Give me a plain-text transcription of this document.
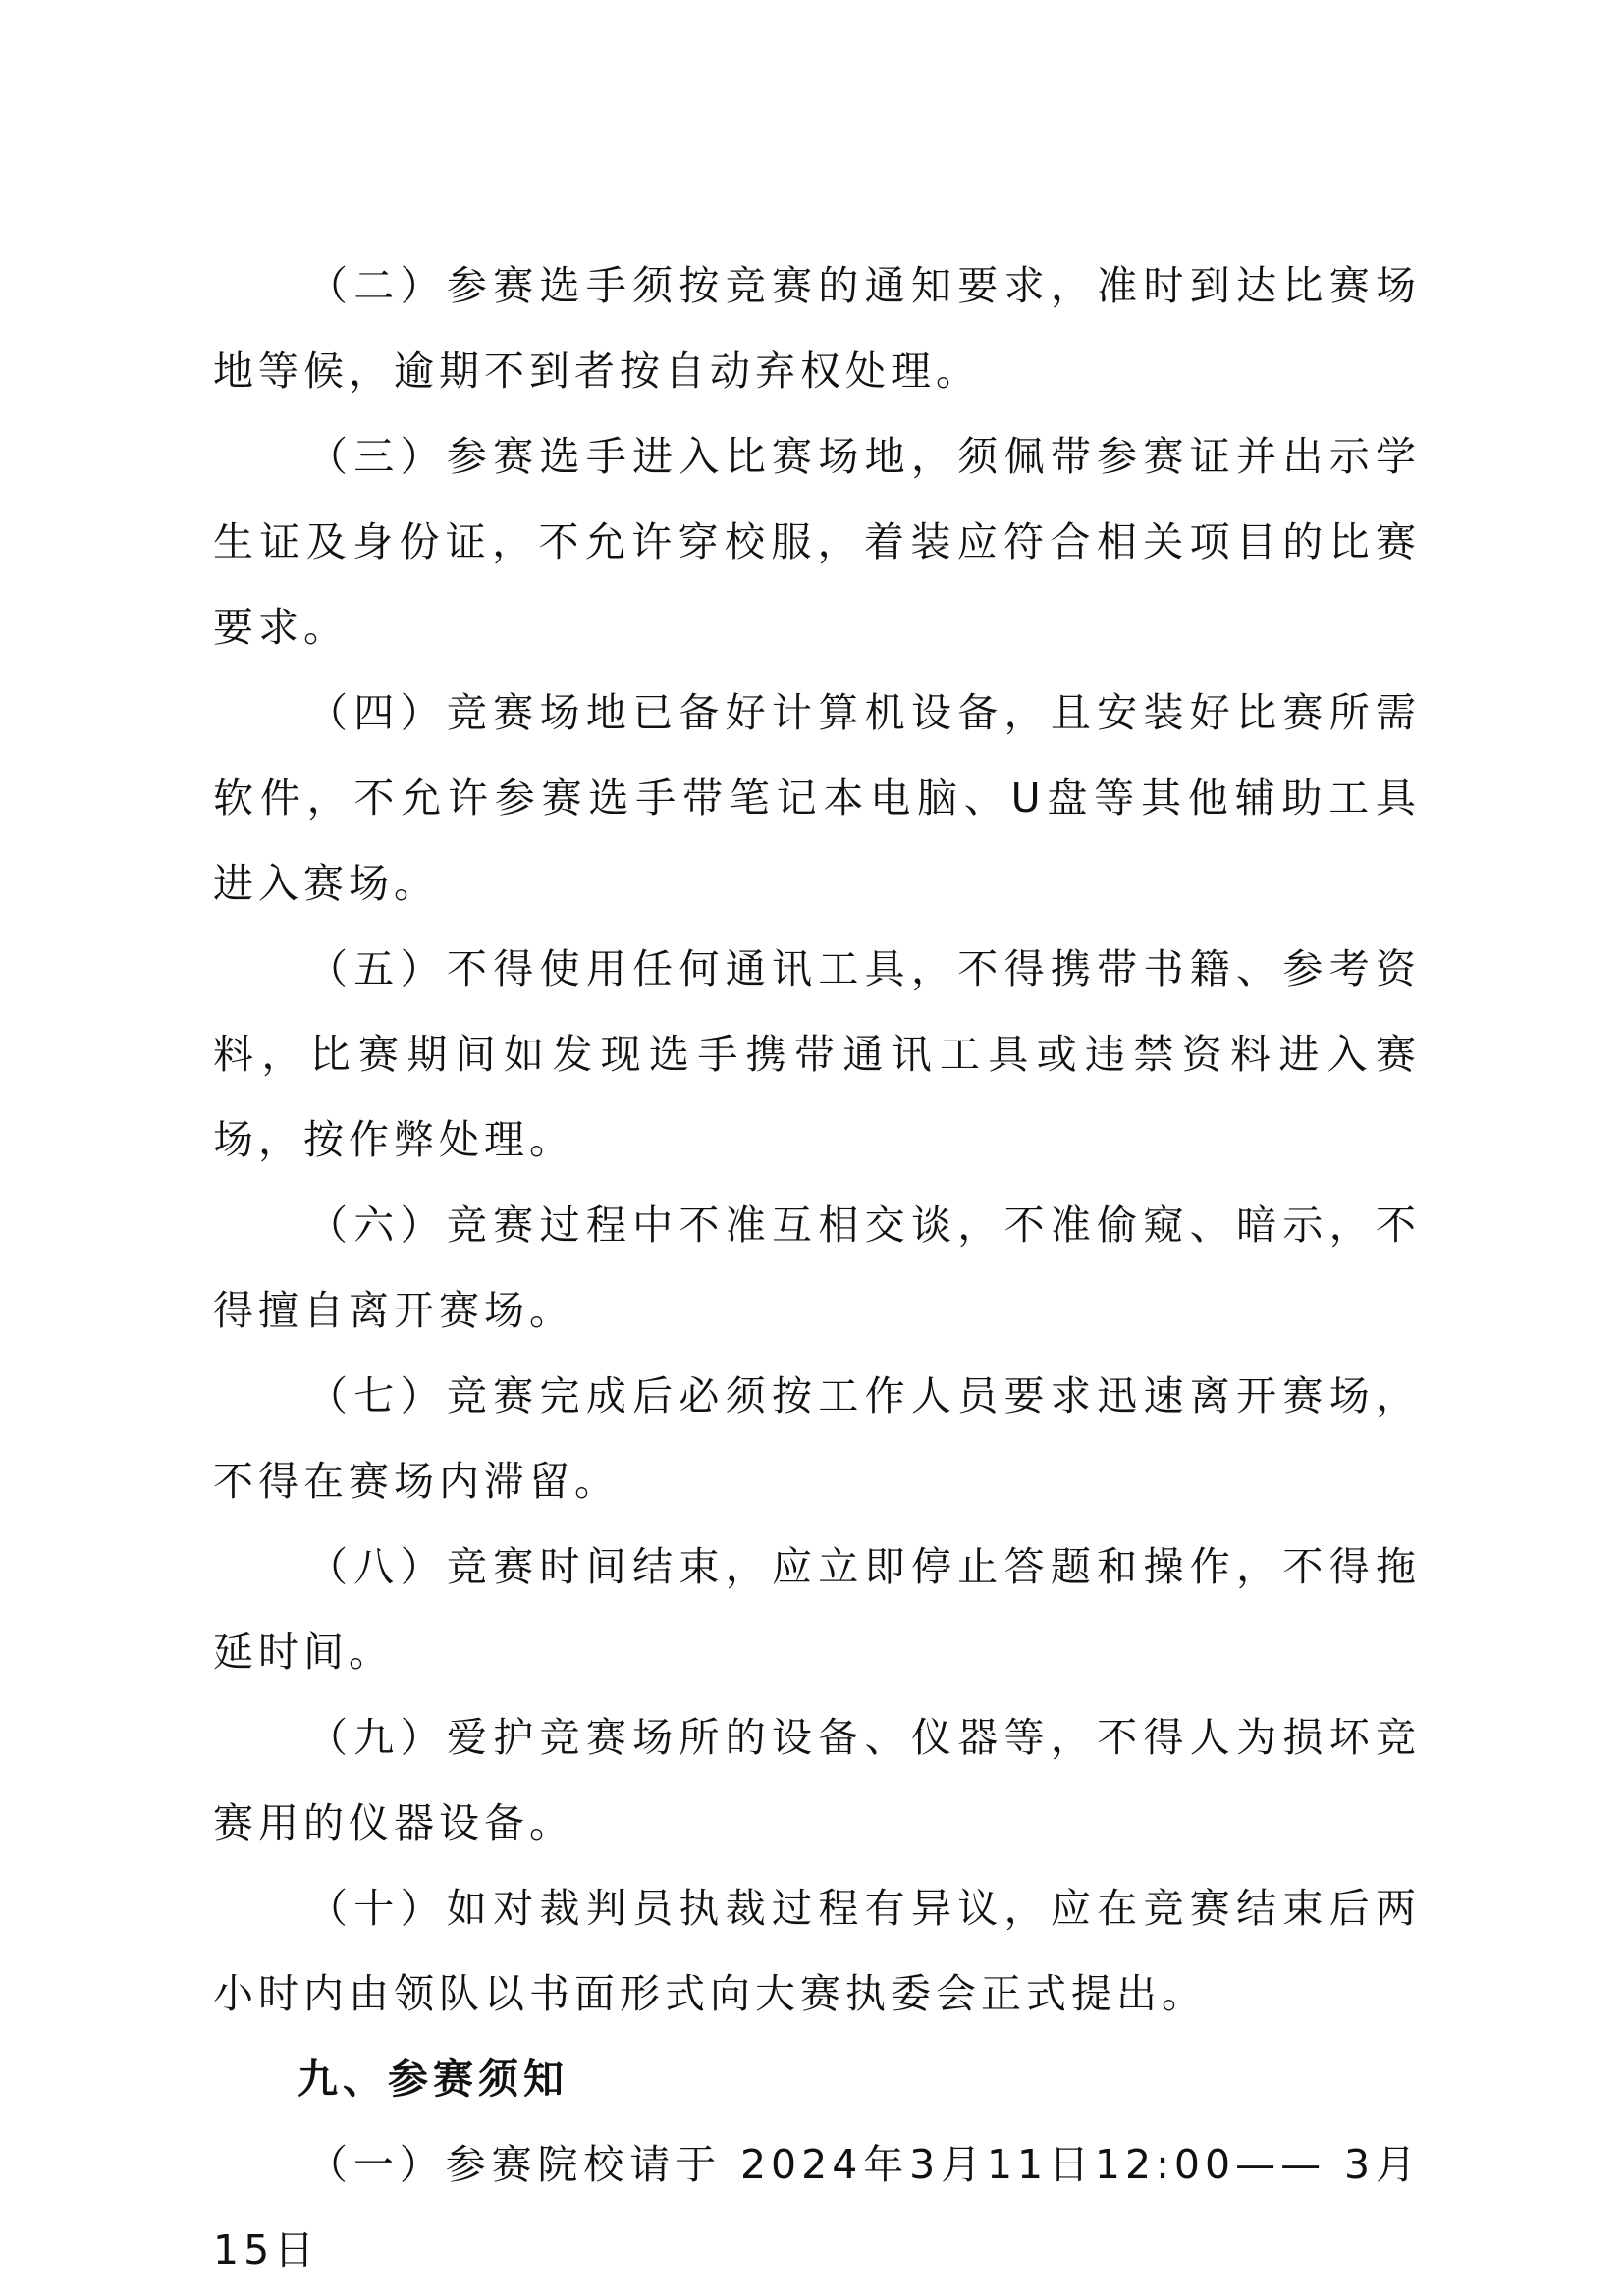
（二）参赛选手须按竞赛的通知要求，准时到达比赛场地等候，逾期不到者按自动弃权处理。

（三）参赛选手进入比赛场地，须佩带参赛证并出示学生证及身份证，不允许穿校服，着装应符合相关项目的比赛要求。

（四）竞赛场地已备好计算机设备，且安装好比赛所需软件，不允许参赛选手带笔记本电脑、U盘等其他辅助工具进入赛场。

（五）不得使用任何通讯工具，不得携带书籍、参考资料，比赛期间如发现选手携带通讯工具或违禁资料进入赛场，按作弊处理。

（六）竞赛过程中不准互相交谈，不准偷窥、暗示，不得擅自离开赛场。

（七）竞赛完成后必须按工作人员要求迅速离开赛场，不得在赛场内滞留。

（八）竞赛时间结束，应立即停止答题和操作，不得拖延时间。

（九）爱护竞赛场所的设备、仪器等，不得人为损坏竞赛用的仪器设备。

（十）如对裁判员执裁过程有异议，应在竞赛结束后两小时内由领队以书面形式向大赛执委会正式提出。

九、参赛须知

（一）参赛院校请于 2024年3月11日12:00—— 3月15日
